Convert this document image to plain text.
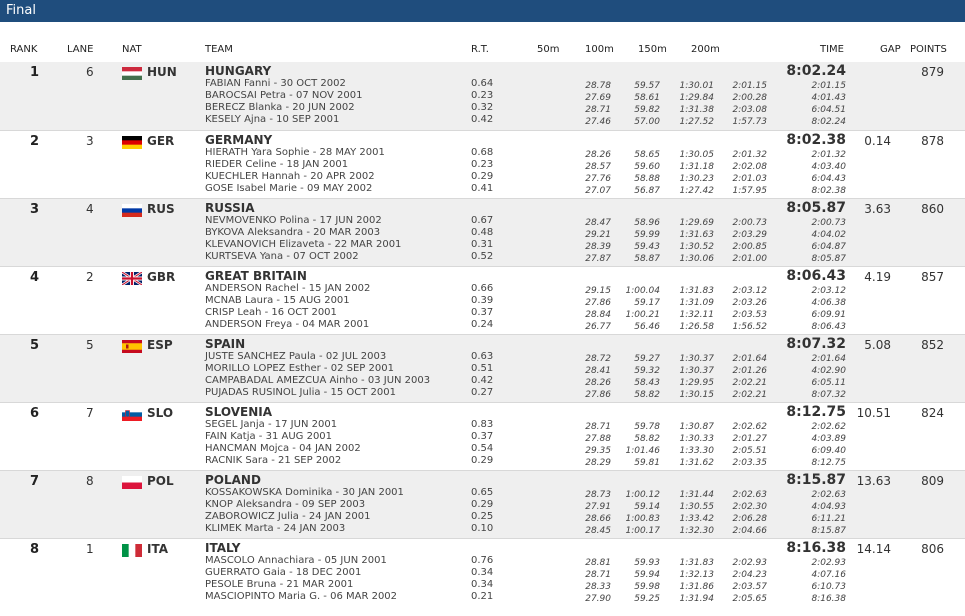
Final
RANK	LANE	NAT	TEAM	R.T.	50m	100m 150m 200m	TIME	GAP POINTS
1	6	HUN HUNGARY	8:02.24	879
FABIAN Fanni - 30 OCT 2002	0.64	28.78	59.57	1:30.01	2:01.15	2:01.15
BAROCSAI Petra - 07 NOV 2001	0.23	27.69	58.61	1:29.84	2:00.28	4:01.43
BERECZ Blanka - 20 JUN 2002	0.32	28.71	59.82	1:31.38	2:03.08	6:04.51
KESELY Ajna - 10 SEP 2001	0.42	27.46	57.00	1:27.52	1:57.73	8:02.24
2	3	GER	GERMANY	8:02.38	0.14	878
HIERATH Yara Sophie - 28 MAY 2001	0.68	28.26	58.65	1:30.05	2:01.32	2:01.32
RIEDER Celine - 18 JAN 2001	0.23	28.57	59.60	1:31.18	2:02.08	4:03.40
KUECHLER Hannah - 20 APR 2002	0.29	27.76	58.88	1:30.23	2:01.03	6:04.43
GOSE Isabel Marie - 09 MAY 2002	0.41	27.07	56.87	1:27.42	1:57.95	8:02.38
3	4	RUS	RUSSIA	8:05.87	3.63	860
NEVMOVENKO Polina - 17 JUN 2002	0.67	28.47	58.96	1:29.69	2:00.73	2:00.73
BYKOVA Aleksandra - 20 MAR 2003	0.48	29.21	59.99	1:31.63	2:03.29	4:04.02
KLEVANOVICH Elizaveta - 22 MAR 2001	0.31	28.39	59.43	1:30.52	2:00.85	6:04.87
KURTSEVA Yana - 07 OCT 2002	0.52	27.87	58.87	1:30.06	2:01.00	8:05.87
4	2	GBR GREAT BRITAIN	8:06.43	4.19	857
ANDERSON Rachel - 15 JAN 2002	0.66	29.15	1:00.04	1:31.83	2:03.12	2:03.12
MCNAB Laura - 15 AUG 2001	0.39	27.86	59.17	1:31.09	2:03.26	4:06.38
CRISP Leah - 16 OCT 2001	0.37	28.84	1:00.21	1:32.11	2:03.53	6:09.91
ANDERSON Freya - 04 MAR 2001	0.24	26.77	56.46	1:26.58	1:56.52	8:06.43
5	5	ESP	SPAIN	8:07.32	5.08	852
JUSTE SANCHEZ Paula - 02 JUL 2003	0.63	28.72	59.27	1:30.37	2:01.64	2:01.64
MORILLO LOPEZ Esther - 02 SEP 2001	0.51	28.41	59.32	1:30.37	2:01.26	4:02.90
CAMPABADAL AMEZCUA Ainho - 03 JUN 2003	0.42	28.26	58.43	1:29.95	2:02.21	6:05.11
PUJADAS RUSINOL Julia - 15 OCT 2001	0.27	27.86	58.82	1:30.15	2:02.21	8:07.32
6	7	SLO	SLOVENIA	8:12.75 10.51	824
SEGEL Janja - 17 JUN 2001	0.83	28.71	59.78	1:30.87	2:02.62	2:02.62
FAIN Katja - 31 AUG 2001	0.37	27.88	58.82	1:30.33	2:01.27	4:03.89
HANCMAN Mojca - 04 JAN 2002	0.54	29.35	1:01.46	1:33.30	2:05.51	6:09.40
RACNIK Sara - 21 SEP 2002	0.29	28.29	59.81	1:31.62	2:03.35	8:12.75
7	8	POL	POLAND	8:15.87 13.63	809
KOSSAKOWSKA Dominika - 30 JAN 2001	0.65	28.73	1:00.12	1:31.44	2:02.63	2:02.63
KNOP Aleksandra - 09 SEP 2003	0.29	27.91	59.14	1:30.55	2:02.30	4:04.93
ZABOROWICZ Julia - 24 JAN 2001	0.25	28.66	1:00.83	1:33.42	2:06.28	6:11.21
KLIMEK Marta - 24 JAN 2003	0.10	28.45	1:00.17	1:32.30	2:04.66	8:15.87
8	1	ITA	ITALY	8:16.38 14.14	806
MASCOLO Annachiara - 05 JUN 2001	0.76	28.81	59.93	1:31.83	2:02.93	2:02.93
GUERRATO Gaia - 18 DEC 2001	0.34	28.71	59.94	1:32.13	2:04.23	4:07.16
PESOLE Bruna - 21 MAR 2001	0.34	28.33	59.98	1:31.86	2:03.57	6:10.73
MASCIOPINTO Maria G. - 06 MAR 2002	0.21	27.90	59.25	1:31.94	2:05.65	8:16.38
